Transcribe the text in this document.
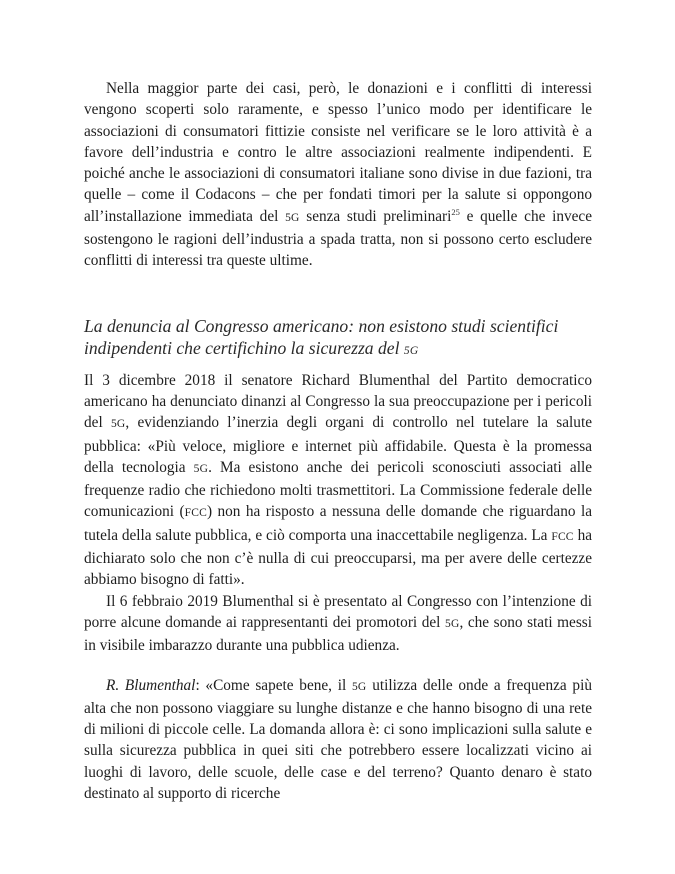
Nella maggior parte dei casi, però, le donazioni e i conflitti di interessi vengono scoperti solo raramente, e spesso l’unico modo per identificare le associazioni di consumatori fittizie consiste nel verificare se le loro attività è a favore dell’industria e contro le altre associazioni realmente indipendenti. E poiché anche le associazioni di consumatori italiane sono divise in due fazioni, tra quelle – come il Codacons – che per fondati timori per la salute si oppongono all’installazione immediata del 5G senza studi preliminari$^{25}$ e quelle che invece sostengono le ragioni dell’industria a spada tratta, non si possono certo escludere conflitti di interessi tra queste ultime.

La denuncia al Congresso americano: non esistono studi scientifici indipendenti che certifichino la sicurezza del 5G

Il 3 dicembre 2018 il senatore Richard Blumenthal del Partito democratico americano ha denunciato dinanzi al Congresso la sua preoccupazione per i pericoli del 5G, evidenziando l’inerzia degli organi di controllo nel tutelare la salute pubblica: «Più veloce, migliore e internet più affidabile. Questa è la promessa della tecnologia 5G. Ma esistono anche dei pericoli sconosciuti associati alle frequenze radio che richiedono molti trasmettitori. La Commissione federale delle comunicazioni (FCC) non ha risposto a nessuna delle domande che riguardano la tutela della salute pubblica, e ciò comporta una inaccettabile negligenza. La FCC ha dichiarato solo che non c’è nulla di cui preoccuparsi, ma per avere delle certezze abbiamo bisogno di fatti».

Il 6 febbraio 2019 Blumenthal si è presentato al Congresso con l’intenzione di porre alcune domande ai rappresentanti dei promotori del 5G, che sono stati messi in visibile imbarazzo durante una pubblica udienza.

R. Blumenthal: «Come sapete bene, il 5G utilizza delle onde a frequenza più alta che non possono viaggiare su lunghe distanze e che hanno bisogno di una rete di milioni di piccole celle. La domanda allora è: ci sono implicazioni sulla salute e sulla sicurezza pubblica in quei siti che potrebbero essere localizzati vicino ai luoghi di lavoro, delle scuole, delle case e del terreno? Quanto denaro è stato destinato al supporto di ricerche
